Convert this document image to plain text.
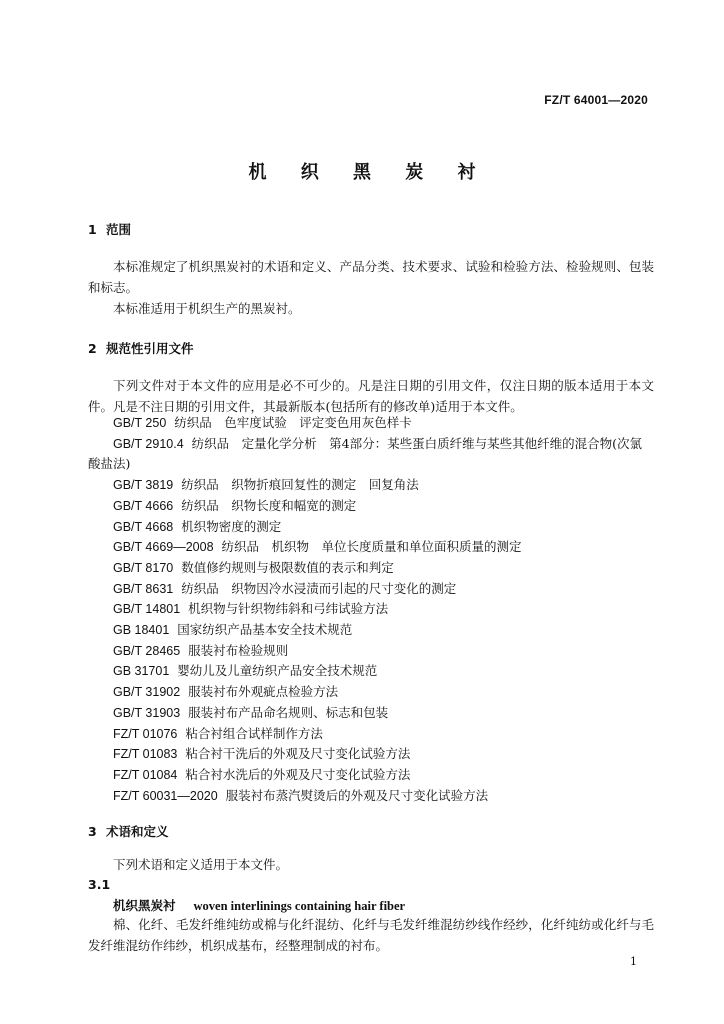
FZ/T 64001—2020
机 织 黑 炭 衬
1 范围
本标准规定了机织黑炭衬的术语和定义、产品分类、技术要求、试验和检验方法、检验规则、包装和标志。
本标准适用于机织生产的黑炭衬。
2 规范性引用文件
下列文件对于本文件的应用是必不可少的。凡是注日期的引用文件，仅注日期的版本适用于本文件。凡是不注日期的引用文件，其最新版本(包括所有的修改单)适用于本文件。
GB/T 250 纺织品　色牢度试验　评定变色用灰色样卡
GB/T 2910.4 纺织品　定量化学分析　第4部分：某些蛋白质纤维与某些其他纤维的混合物(次氯酸盐法)
GB/T 3819 纺织品　织物折痕回复性的测定　回复角法
GB/T 4666 纺织品　织物长度和幅宽的测定
GB/T 4668 机织物密度的测定
GB/T 4669—2008 纺织品　机织物　单位长度质量和单位面积质量的测定
GB/T 8170 数值修约规则与极限数值的表示和判定
GB/T 8631 纺织品　织物因冷水浸渍而引起的尺寸变化的测定
GB/T 14801 机织物与针织物纬斜和弓纬试验方法
GB 18401 国家纺织产品基本安全技术规范
GB/T 28465 服装衬布检验规则
GB 31701 婴幼儿及儿童纺织产品安全技术规范
GB/T 31902 服装衬布外观疵点检验方法
GB/T 31903 服装衬布产品命名规则、标志和包装
FZ/T 01076 粘合衬组合试样制作方法
FZ/T 01083 粘合衬干洗后的外观及尺寸变化试验方法
FZ/T 01084 粘合衬水洗后的外观及尺寸变化试验方法
FZ/T 60031—2020 服装衬布蒸汽熨烫后的外观及尺寸变化试验方法
3 术语和定义
下列术语和定义适用于本文件。
3.1
机织黑炭衬 woven interlinings containing hair fiber
棉、化纤、毛发纤维纯纺或棉与化纤混纺、化纤与毛发纤维混纺纱线作经纱，化纤纯纺或化纤与毛发纤维混纺作纬纱，机织成基布，经整理制成的衬布。
1
